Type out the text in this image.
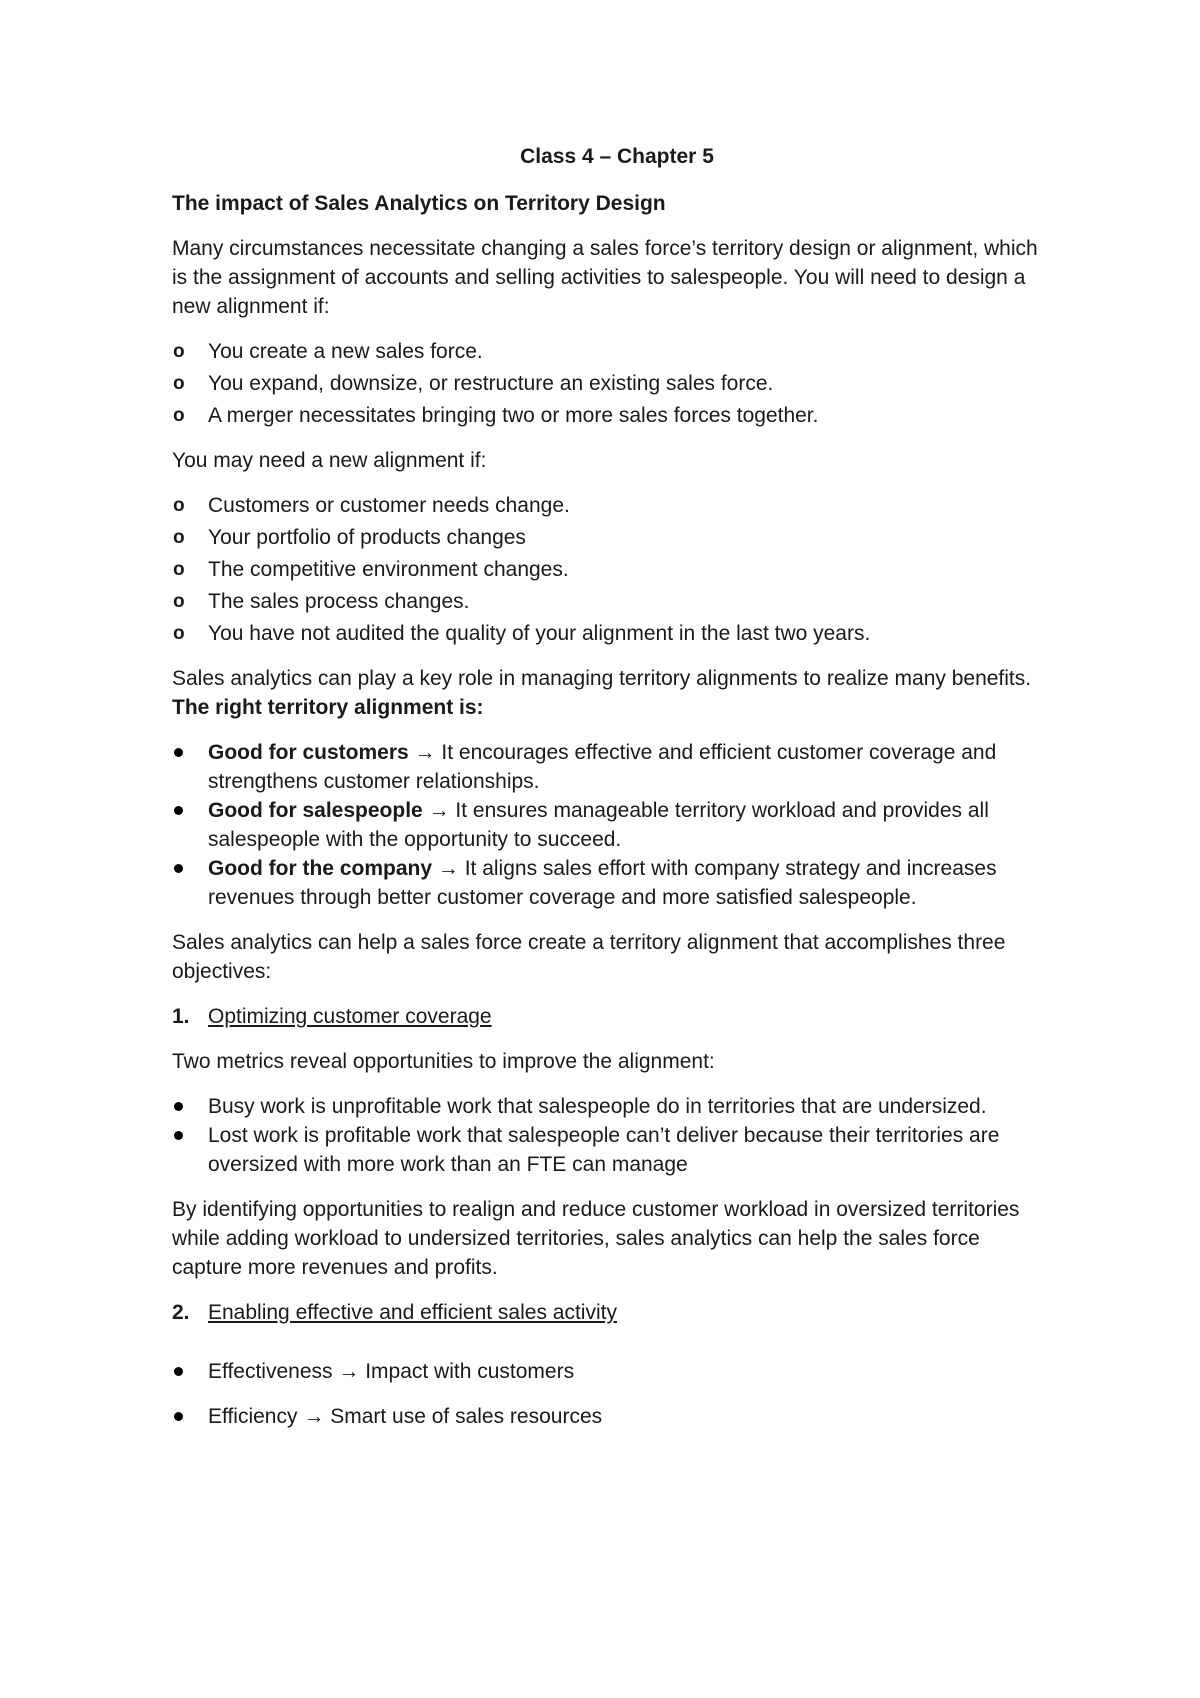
Class 4 – Chapter 5
The impact of Sales Analytics on Territory Design

Many circumstances necessitate changing a sales force’s territory design or alignment, which is the assignment of accounts and selling activities to salespeople. You will need to design a new alignment if:

o You create a new sales force.
o You expand, downsize, or restructure an existing sales force.
o A merger necessitates bringing two or more sales forces together.

You may need a new alignment if:

o Customers or customer needs change.
o Your portfolio of products changes
o The competitive environment changes.
o The sales process changes.
o You have not audited the quality of your alignment in the last two years.

Sales analytics can play a key role in managing territory alignments to realize many benefits. The right territory alignment is:

Good for customers → It encourages effective and efficient customer coverage and strengthens customer relationships.
Good for salespeople → It ensures manageable territory workload and provides all salespeople with the opportunity to succeed.
Good for the company → It aligns sales effort with company strategy and increases revenues through better customer coverage and more satisfied salespeople.

Sales analytics can help a sales force create a territory alignment that accomplishes three objectives:

1. Optimizing customer coverage

Two metrics reveal opportunities to improve the alignment:

Busy work is unprofitable work that salespeople do in territories that are undersized.
Lost work is profitable work that salespeople can’t deliver because their territories are oversized with more work than an FTE can manage

By identifying opportunities to realign and reduce customer workload in oversized territories while adding workload to undersized territories, sales analytics can help the sales force capture more revenues and profits.

2. Enabling effective and efficient sales activity
Effectiveness → Impact with customers
Efficiency → Smart use of sales resources
